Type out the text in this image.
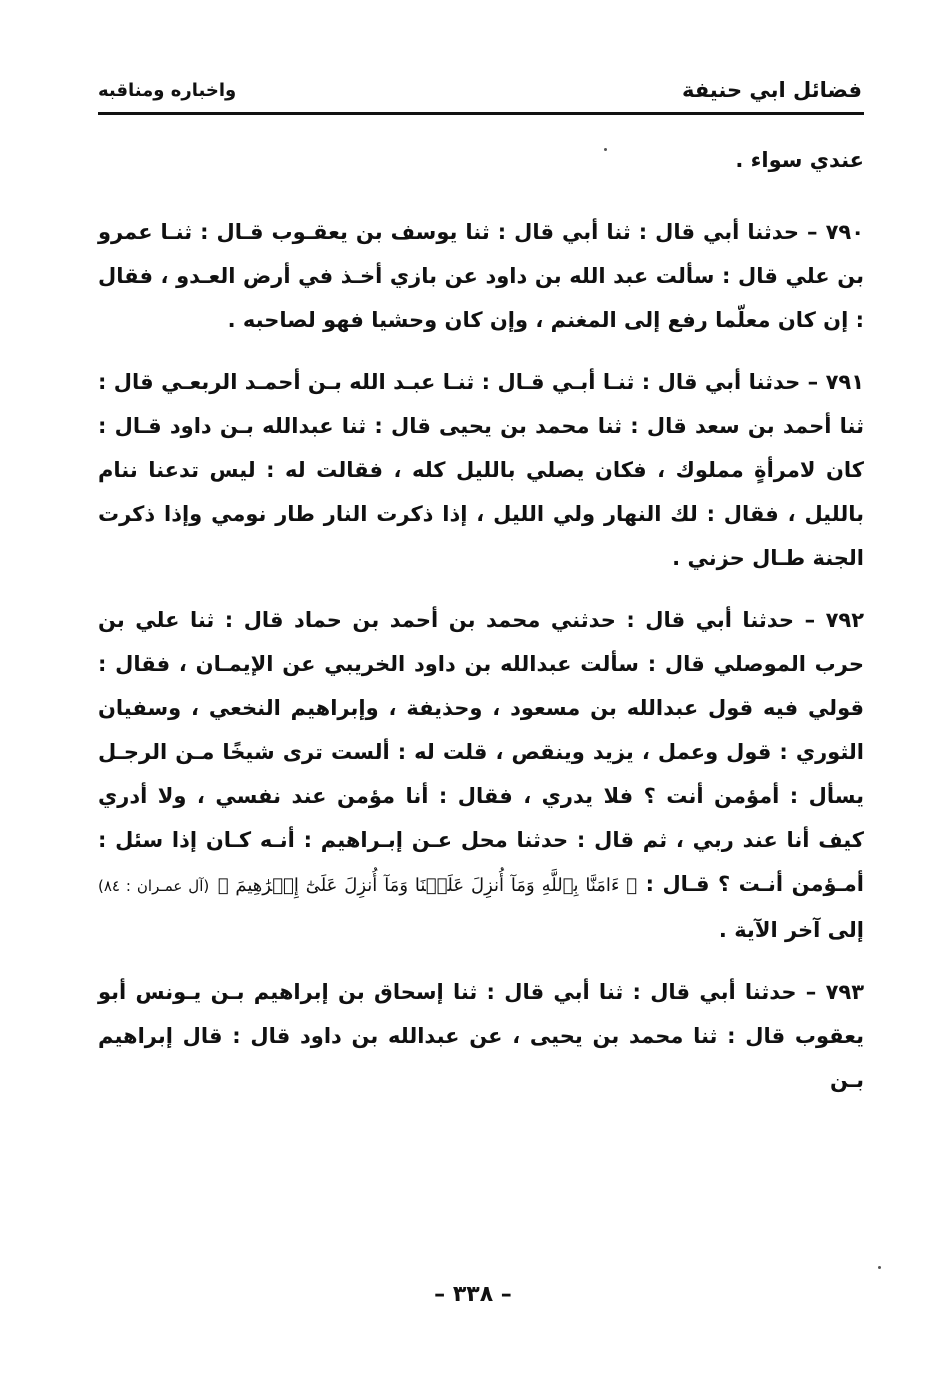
فضائل ابي حنيفة
واخباره ومناقبه

عندي سواء .

٧٩٠ – حدثنا أبي قال : ثنا أبي قال : ثنا يوسف بن يعقـوب قـال : ثنـا عمرو بن علي قال : سألت عبد الله بن داود عن بازي أخـذ في أرض العـدو ، فقال : إن كان معلّما رفع إلى المغنم ، وإن كان وحشيا فهو لصاحبه .

٧٩١ – حدثنا أبي قال : ثنـا أبـي قـال : ثنـا عبـد الله بـن أحمـد الربعـي قال : ثنا أحمد بن سعد قال : ثنا محمد بن يحيى قال : ثنا عبدالله بـن داود قـال : كان لامرأةٍ مملوك ، فكان يصلي بالليل كله ، فقالت له : ليس تدعنا ننام بالليل ، فقال : لك النهار ولي الليل ، إذا ذكرت النار طار نومي وإذا ذكرت الجنة طـال حزني .

٧٩٢ – حدثنا أبي قال : حدثني محمد بن أحمد بن حماد قال : ثنا علي بن حرب الموصلي قال : سألت عبدالله بن داود الخريبي عن الإيمـان ، فقال : قولي فيه قول عبدالله بن مسعود ، وحذيفة ، وإبراهيم النخعي ، وسفيان الثوري : قول وعمل ، يزيد وينقص ، قلت له : ألست ترى شيخًا مـن الرجـل يسأل : أمؤمن أنت ؟ فلا يدري ، فقال : أنا مؤمن عند نفسي ، ولا أدري كيف أنا عند ربي ، ثم قال : حدثنا محل عـن إبـراهيم : أنـه كـان إذا سئل : أمـؤمن أنـت ؟ قـال : ﴿ ءَامَنَّا بِٱللَّهِ وَمَآ أُنزِلَ عَلَيۡنَا وَمَآ أُنزِلَ عَلَىٰٓ إِبۡرَٰهِيمَ ﴾ (آل عمـران : ٨٤) إلى آخر الآية .

٧٩٣ – حدثنا أبي قال : ثنا أبي قال : ثنا إسحاق بن إبراهيم بـن يـونس أبو يعقوب قال : ثنا محمد بن يحيى ، عن عبدالله بن داود قال : قال إبراهيم بـن

– ٣٣٨ –
